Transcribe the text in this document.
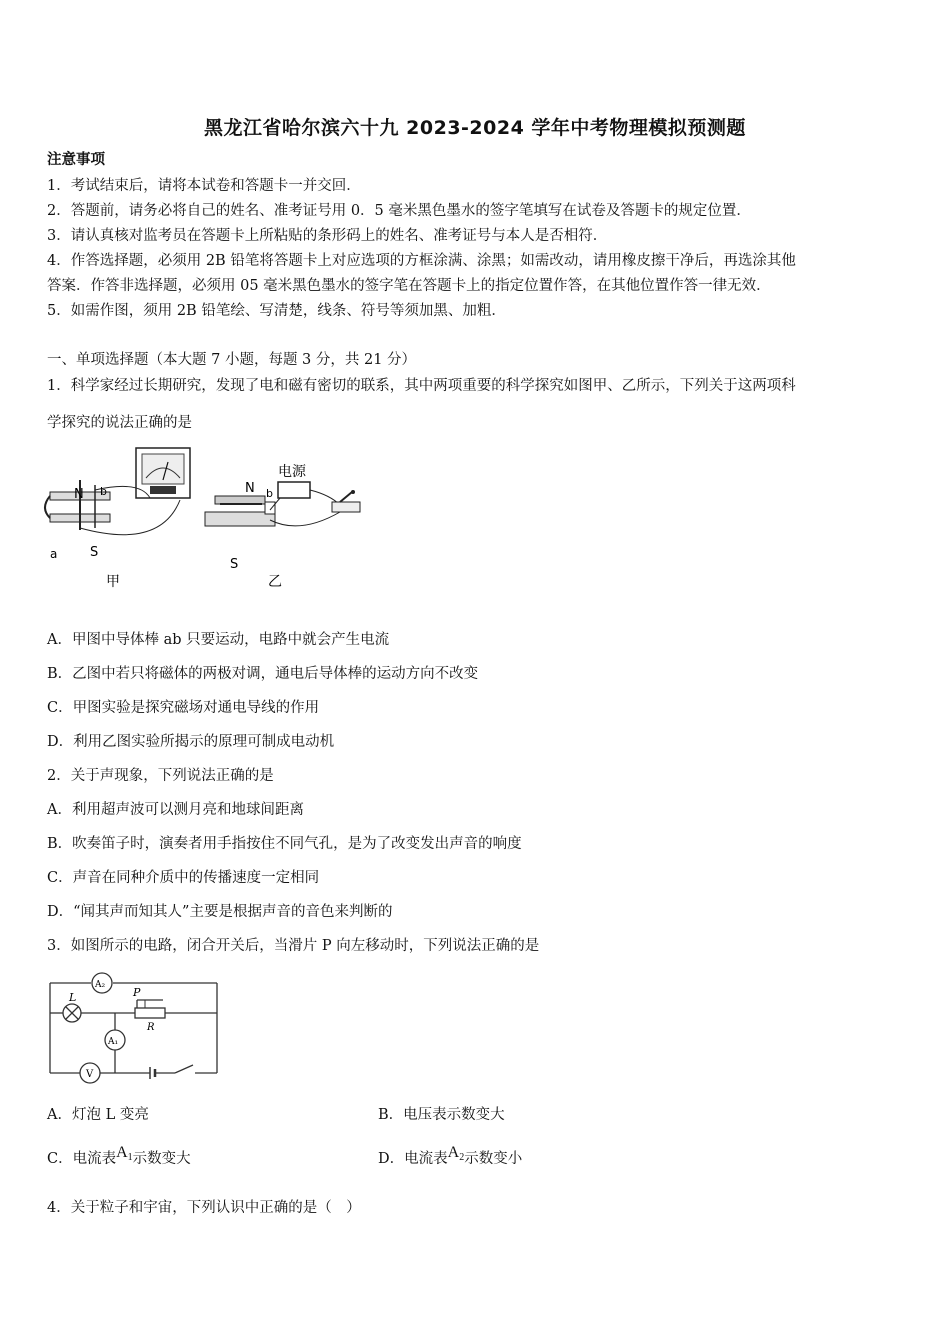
黑龙江省哈尔滨六十九 2023-2024 学年中考物理模拟预测题
注意事项
1．考试结束后，请将本试卷和答题卡一并交回．
2．答题前，请务必将自己的姓名、准考证号用 0．5 毫米黑色墨水的签字笔填写在试卷及答题卡的规定位置．
3．请认真核对监考员在答题卡上所粘贴的条形码上的姓名、准考证号与本人是否相符．
4．作答选择题，必须用 2B 铅笔将答题卡上对应选项的方框涂满、涂黑；如需改动，请用橡皮擦干净后，再选涂其他
答案．作答非选择题，必须用 05 毫米黑色墨水的签字笔在答题卡上的指定位置作答，在其他位置作答一律无效．
5．如需作图，须用 2B 铅笔绘、写清楚，线条、符号等须加黑、加粗．
一、单项选择题（本大题 7 小题，每题 3 分，共 21 分）
1．科学家经过长期研究，发现了电和磁有密切的联系，其中两项重要的科学探究如图甲、乙所示，下列关于这两项科
学探究的说法正确的是
N b
a	S
甲
电源
N b
S
乙
A．甲图中导体棒 ab 只要运动，电路中就会产生电流
B．乙图中若只将磁体的两极对调，通电后导体棒的运动方向不改变
C．甲图实验是探究磁场对通电导线的作用
D．利用乙图实验所揭示的原理可制成电动机
2．关于声现象，下列说法正确的是
A．利用超声波可以测月亮和地球间距离
B．吹奏笛子时，演奏者用手指按住不同气孔，是为了改变发出声音的响度
C．声音在同种介质中的传播速度一定相同
D．“闻其声而知其人”主要是根据声音的音色来判断的
3．如图所示的电路，闭合开关后，当滑片 P 向左移动时，下列说法正确的是
A₂
L	P
R
A₁
V
A．灯泡 L 变亮	B．电压表示数变大
C．电流表A1示数变大	D．电流表A2示数变小
4．关于粒子和宇宙，下列认识中正确的是（　）
